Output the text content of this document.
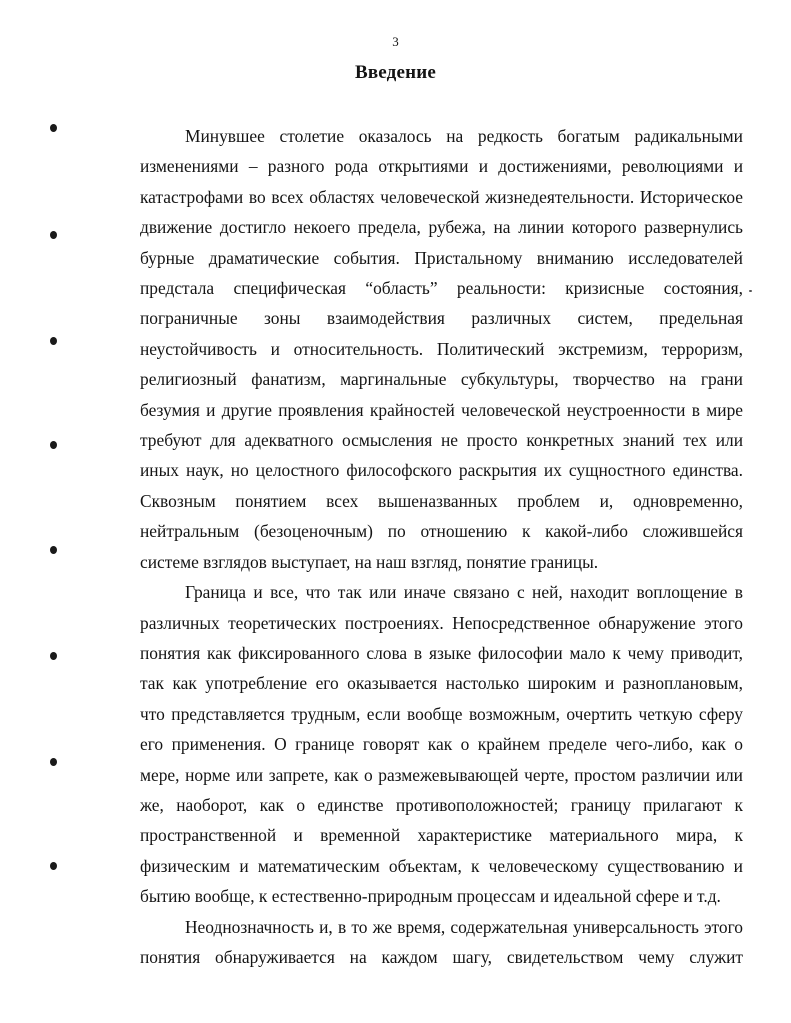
3
Введение

Минувшее столетие оказалось на редкость богатым радикальными
изменениями – разного рода открытиями и достижениями, революциями и
катастрофами во всех областях человеческой жизнедеятельности. Историческое
движение достигло некоего предела, рубежа, на линии которого развернулись
бурные драматические события. Пристальному вниманию исследователей
предстала специфическая “область” реальности: кризисные состояния,
пограничные зоны взаимодействия различных систем, предельная
неустойчивость и относительность. Политический экстремизм, терроризм,
религиозный фанатизм, маргинальные субкультуры, творчество на грани
безумия и другие проявления крайностей человеческой неустроенности в мире
требуют для адекватного осмысления не просто конкретных знаний тех или
иных наук, но целостного философского раскрытия их сущностного единства.
Сквозным понятием всех вышеназванных проблем и, одновременно,
нейтральным (безоценочным) по отношению к какой-либо сложившейся
системе взглядов выступает, на наш взгляд, понятие границы.

Граница и все, что так или иначе связано с ней, находит воплощение в
различных теоретических построениях. Непосредственное обнаружение этого
понятия как фиксированного слова в языке философии мало к чему приводит,
так как употребление его оказывается настолько широким и разноплановым,
что представляется трудным, если вообще возможным, очертить четкую сферу
его применения. О границе говорят как о крайнем пределе чего-либо, как о
мере, норме или запрете, как о размежевывающей черте, простом различии или
же, наоборот, как о единстве противоположностей; границу прилагают к
пространственной и временной характеристике материального мира, к
физическим и математическим объектам, к человеческому существованию и
бытию вообще, к естественно-природным процессам и идеальной сфере и т.д.

Неоднозначность и, в то же время, содержательная универсальность этого
понятия обнаруживается на каждом шагу, свидетельством чему служит
